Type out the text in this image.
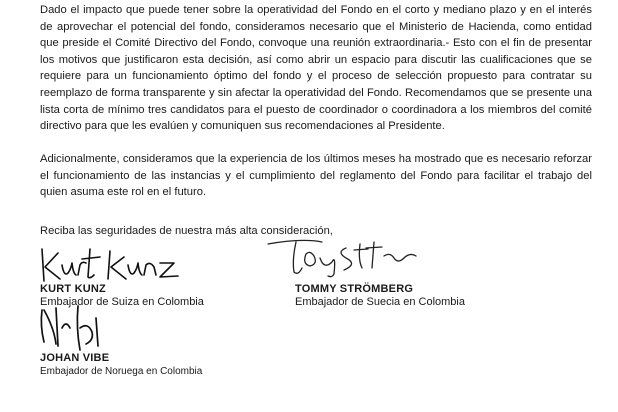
Dado el impacto que puede tener sobre la operatividad del Fondo en el corto y mediano plazo y en el interés de aprovechar el potencial del fondo, consideramos necesario que el Ministerio de Hacienda, como entidad que preside el Comité Directivo del Fondo, convoque una reunión extraordinaria.- Esto con el fin de presentar los motivos que justificaron esta decisión, así como abrir un espacio para discutir las cualificaciones que se requiere para un funcionamiento óptimo del fondo y el proceso de selección propuesto para contratar su reemplazo de forma transparente y sin afectar la operatividad del Fondo. Recomendamos que se presente una lista corta de mínimo tres candidatos para el puesto de coordinador o coordinadora a los miembros del comité directivo para que les evalúen y comuniquen sus recomendaciones al Presidente.

Adicionalmente, consideramos que la experiencia de los últimos meses ha mostrado que es necesario reforzar el funcionamiento de las instancias y el cumplimiento del reglamento del Fondo para facilitar el trabajo del quien asuma este rol en el futuro.

Reciba las seguridades de nuestra más alta consideración,

KURT KUNZ
Embajador de Suiza en Colombia
TOMMY STRÖMBERG
Embajador de Suecia en Colombia
JOHAN VIBE
Embajador de Noruega en Colombia
